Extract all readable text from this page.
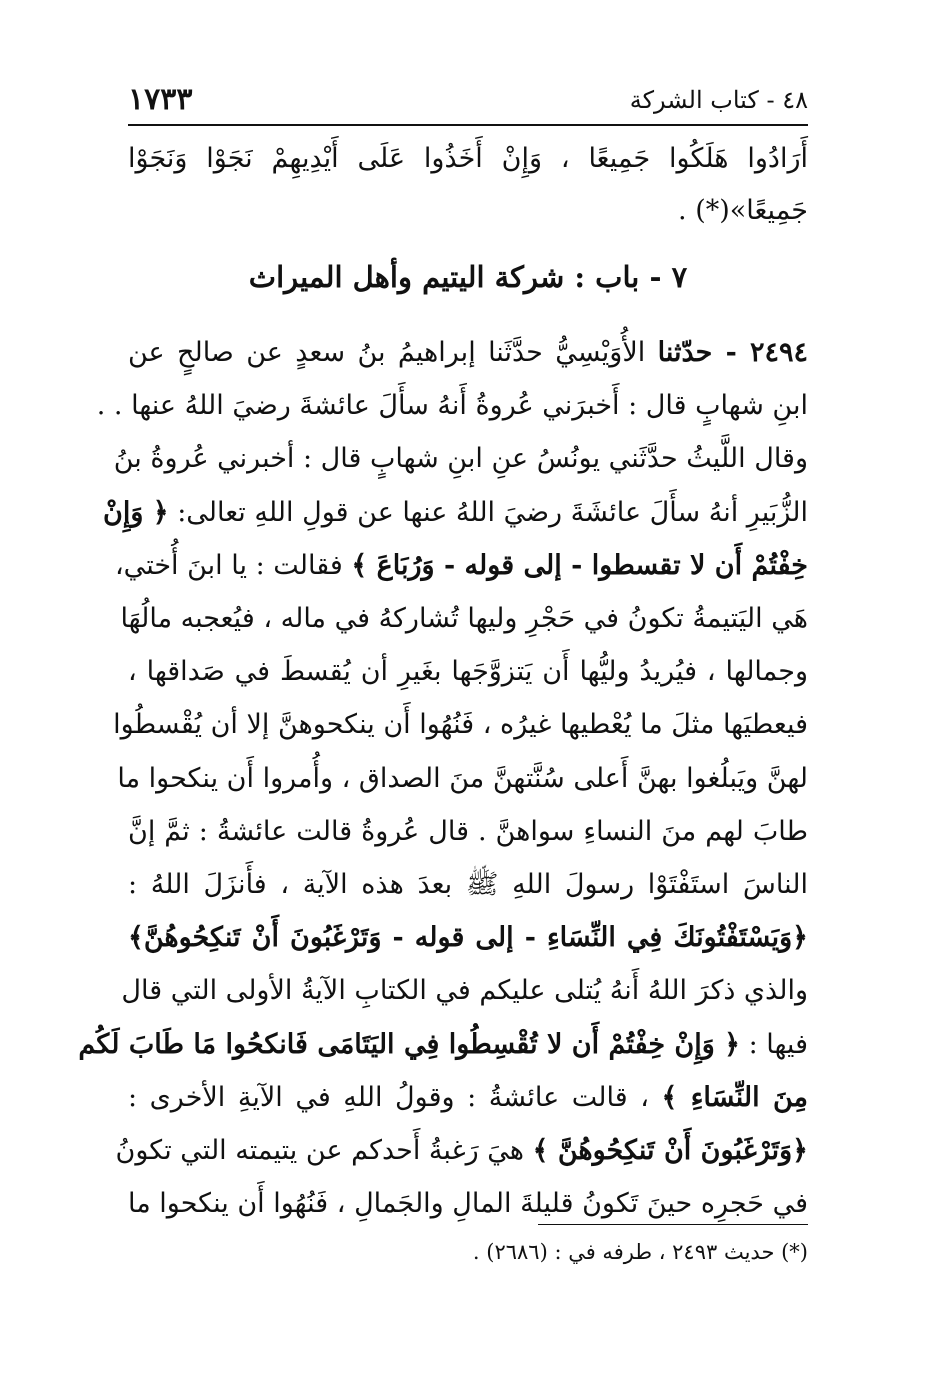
١٧٣٣	٤٨ - كتاب الشركة
أَرَادُوا هَلَكُوا جَمِيعًا ، وَإِنْ أَخَذُوا عَلَى أَيْدِيهِمْ نَجَوْا وَنَجَوْا
جَمِيعًا»(*) .
٧ - باب : شركة اليتيم وأهل الميراث
٢٤٩٤ - حدّثنا الأُوَيْسِيُّ حدَّثَنا إبراهيمُ بنُ سعدٍ عن صالحٍ عن
ابنِ شهابٍ قال : أَخبرَني عُروةُ أَنهُ سأَلَ عائشةَ رضيَ اللهُ عنها . .
وقال اللَّيثُ حدَّثَني يونُسُ عنِ ابنِ شهابٍ قال : أخبرني عُروةُ بنُ
الزُّبَيرِ أنهُ سأَلَ عائشَةَ رضيَ اللهُ عنها عن قولِ اللهِ تعالى: ﴿ وَإِنْ
خِفْتُمْ أَن لا تقسطوا - إلى قوله - وَرُبَاعَ ﴾ فقالت : يا ابنَ أُختي،
هَي اليَتيمةُ تكونُ في حَجْرِ وليها تُشاركهُ في ماله ، فيُعجبه مالُهَا
وجمالها ، فيُريدُ وليُّها أَن يَتزوَّجَها بغَيرِ أن يُقسطَ في صَداقها ،
فيعطيَها مثلَ ما يُعْطيها غيرُه ، فَنُهُوا أَن ينكحوهنَّ إلا أن يُقْسطُوا
لهنَّ ويَبلُغوا بهنَّ أَعلى سُنَّتهنَّ منَ الصداق ، وأُمروا أَن ينكحوا ما
طابَ لهم منَ النساءِ سواهنَّ . قال عُروةُ قالت عائشةُ : ثمَّ إنَّ
الناسَ استَفْتَوْا رسولَ اللهِ ﷺ بعدَ هذه الآية ، فأَنزَلَ اللهُ :
﴿وَيَسْتَفْتُونَكَ فِي النِّسَاءِ - إلى قوله - وَتَرْغَبُونَ أَنْ تَنكِحُوهُنَّ﴾
والذي ذكرَ اللهُ أَنهُ يُتلى عليكم في الكتابِ الآيةُ الأولى التي قال
فيها : ﴿ وَإِنْ خِفْتُمْ أَن لا تُقْسِطُوا فِي اليَتَامَى فَانكحُوا مَا طَابَ لَكُم
مِنَ النِّسَاءِ ﴾ ، قالت عائشةُ : وقولُ اللهِ في الآيةِ الأخرى :
﴿وَتَرْغَبُونَ أَنْ تَنكِحُوهُنَّ ﴾ هيَ رَغبةُ أَحدكم عن يتيمته التي تكونُ
في حَجرِه حينَ تَكونُ قليلةَ المالِ والجَمالِ ، فَنُهُوا أَن ينكحوا ما
(*) حديث ٢٤٩٣ ، طرفه في : (٢٦٨٦) .
